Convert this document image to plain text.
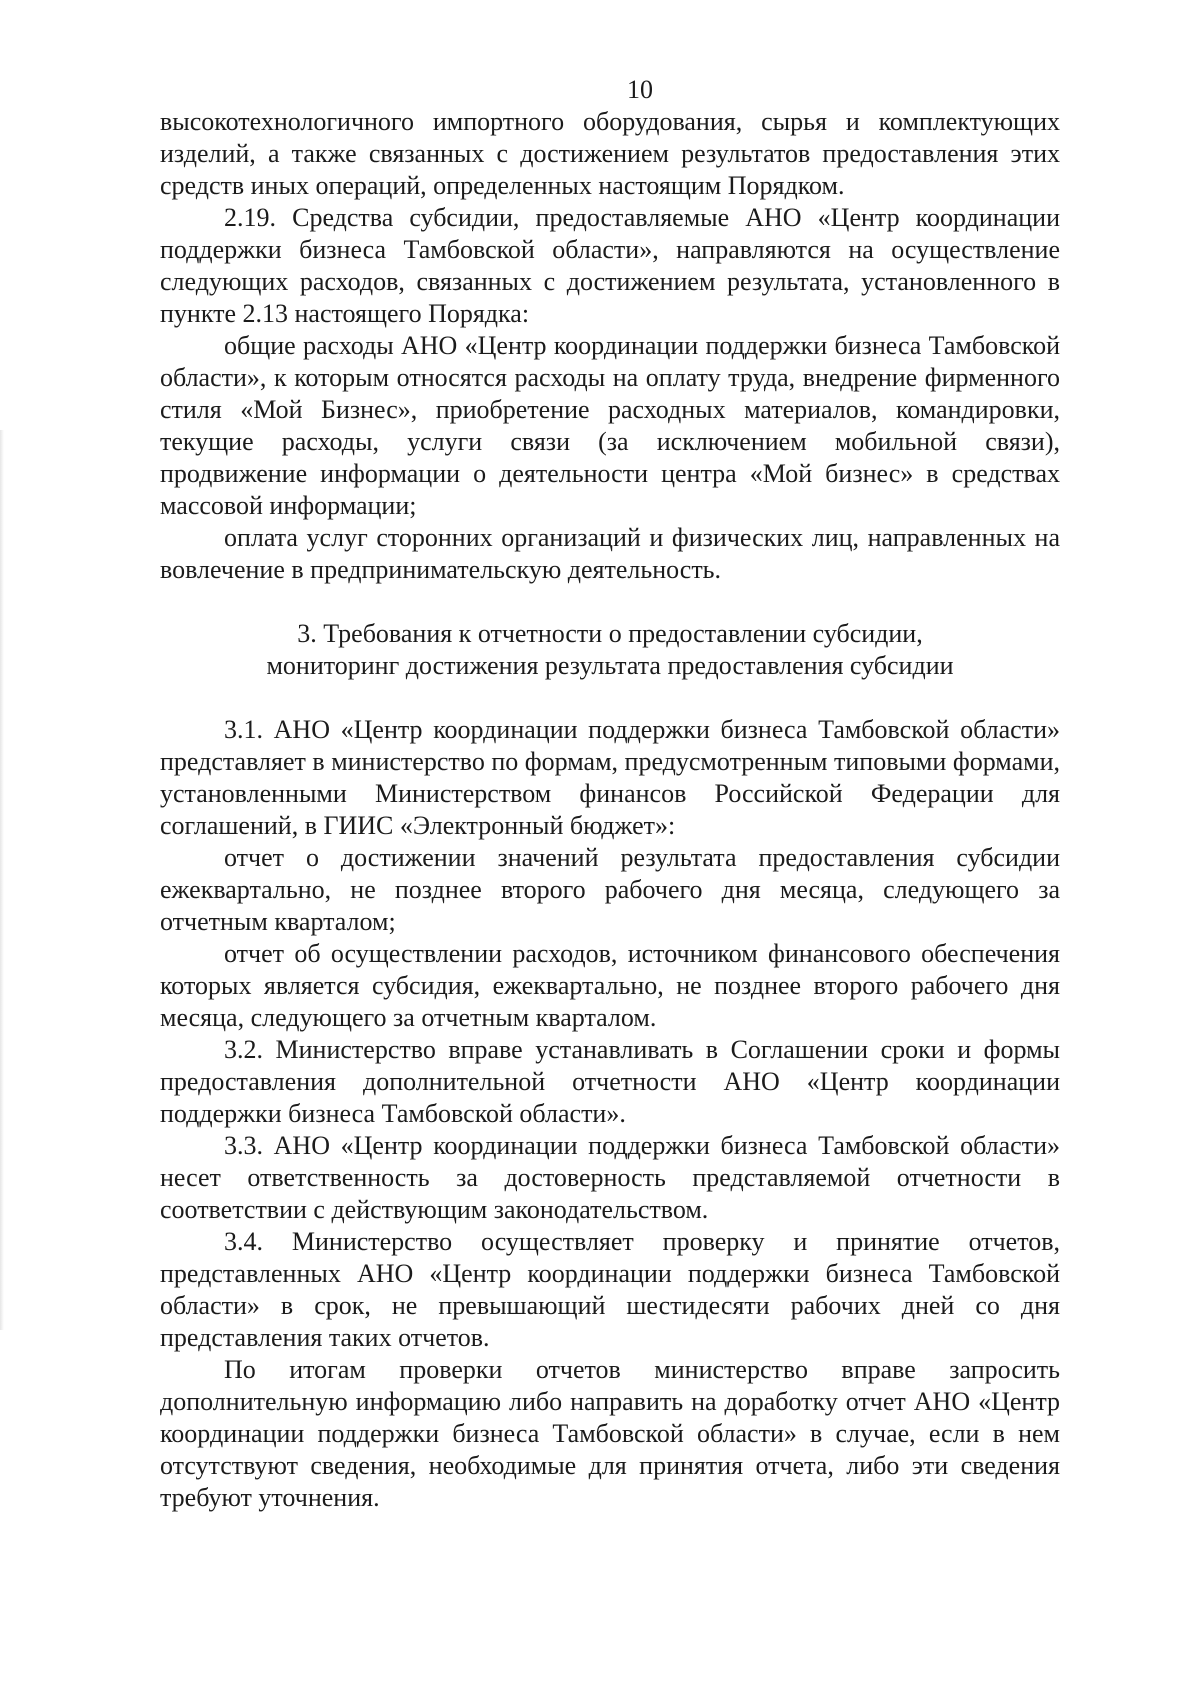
10

высокотехнологичного импортного оборудования, сырья и комплектующих изделий, а также связанных с достижением результатов предоставления этих средств иных операций, определенных настоящим Порядком.

2.19. Средства субсидии, предоставляемые АНО «Центр координации поддержки бизнеса Тамбовской области», направляются на осуществление следующих расходов, связанных с достижением результата, установленного в пункте 2.13 настоящего Порядка:

общие расходы АНО «Центр координации поддержки бизнеса Тамбовской области», к которым относятся расходы на оплату труда, внедрение фирменного стиля «Мой Бизнес», приобретение расходных материалов, командировки, текущие расходы, услуги связи (за исключением мобильной связи), продвижение информации о деятельности центра «Мой бизнес» в средствах массовой информации;

оплата услуг сторонних организаций и физических лиц, направленных на вовлечение в предпринимательскую деятельность.

3. Требования к отчетности о предоставлении субсидии,

мониторинг достижения результата предоставления субсидии

3.1. АНО «Центр координации поддержки бизнеса Тамбовской области» представляет в министерство по формам, предусмотренным типовыми формами, установленными Министерством финансов Российской Федерации для соглашений, в ГИИС «Электронный бюджет»:

отчет о достижении значений результата предоставления субсидии ежеквартально, не позднее второго рабочего дня месяца, следующего за отчетным кварталом;

отчет об осуществлении расходов, источником финансового обеспечения которых является субсидия, ежеквартально, не позднее второго рабочего дня месяца, следующего за отчетным кварталом.

3.2. Министерство вправе устанавливать в Соглашении сроки и формы предоставления дополнительной отчетности АНО «Центр координации поддержки бизнеса Тамбовской области».

3.3. АНО «Центр координации поддержки бизнеса Тамбовской области» несет ответственность за достоверность представляемой отчетности в соответствии с действующим законодательством.

3.4. Министерство осуществляет проверку и принятие отчетов, представленных АНО «Центр координации поддержки бизнеса Тамбовской области» в срок, не превышающий шестидесяти рабочих дней со дня представления таких отчетов.

По итогам проверки отчетов министерство вправе запросить дополнительную информацию либо направить на доработку отчет АНО «Центр координации поддержки бизнеса Тамбовской области» в случае, если в нем отсутствуют сведения, необходимые для принятия отчета, либо эти сведения требуют уточнения.
